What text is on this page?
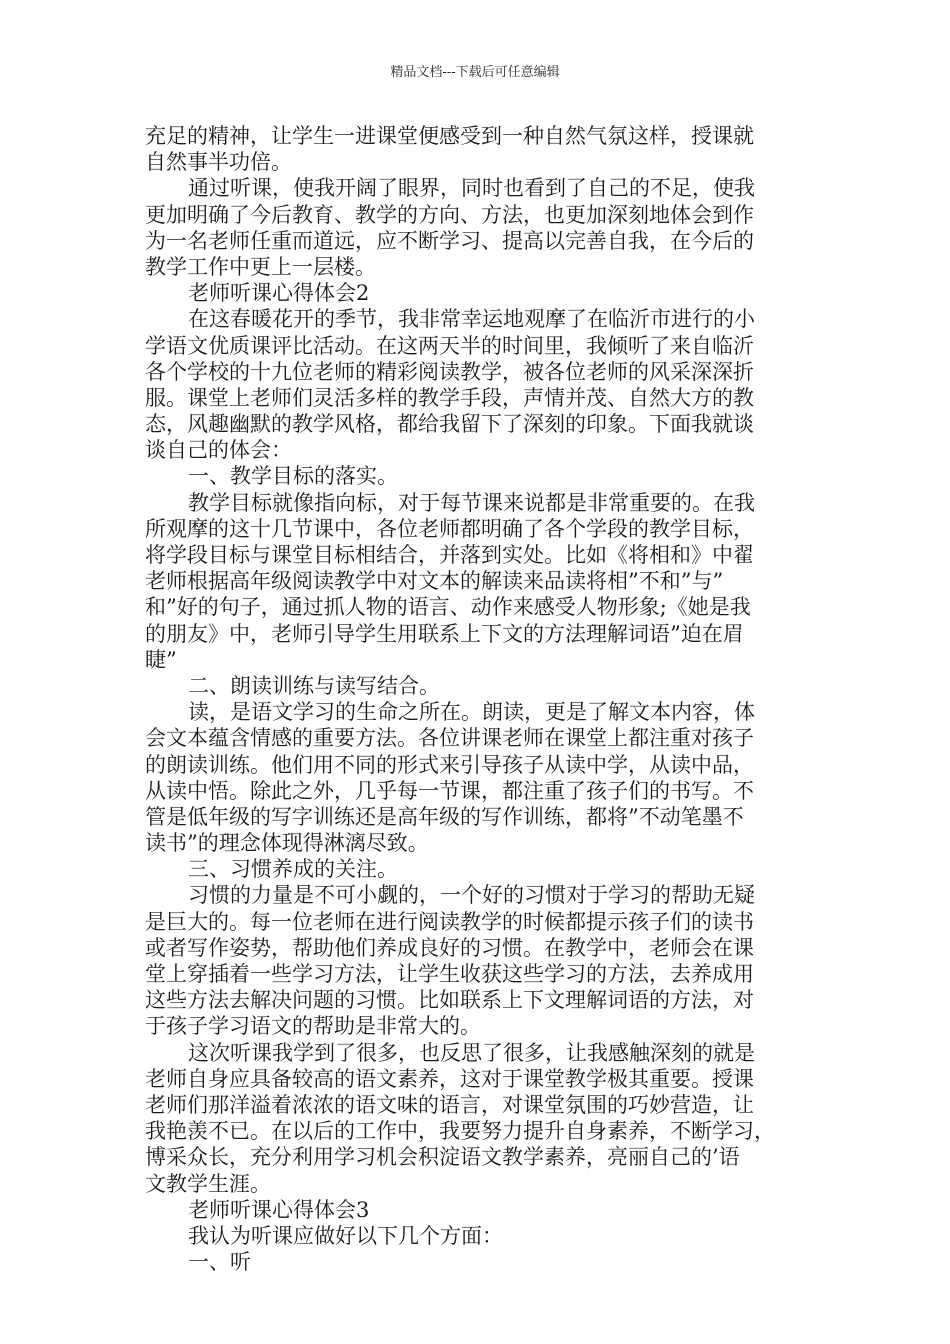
精品文档---下载后可任意编辑
充足的精神，让学生一进课堂便感受到一种自然气氛这样，授课就
自然事半功倍。
通过听课，使我开阔了眼界，同时也看到了自己的不足，使我
更加明确了今后教育、教学的方向、方法，也更加深刻地体会到作
为一名老师任重而道远，应不断学习、提高以完善自我，在今后的
教学工作中更上一层楼。
老师听课心得体会2
在这春暖花开的季节，我非常幸运地观摩了在临沂市进行的小
学语文优质课评比活动。在这两天半的时间里，我倾听了来自临沂
各个学校的十九位老师的精彩阅读教学，被各位老师的风采深深折
服。课堂上老师们灵活多样的教学手段，声情并茂、自然大方的教
态，风趣幽默的教学风格，都给我留下了深刻的印象。下面我就谈
谈自己的体会：
一、教学目标的落实。
教学目标就像指向标，对于每节课来说都是非常重要的。在我
所观摩的这十几节课中，各位老师都明确了各个学段的教学目标，
将学段目标与课堂目标相结合，并落到实处。比如《将相和》中翟
老师根据高年级阅读教学中对文本的解读来品读将相”不和”与”
和”好的句子，通过抓人物的语言、动作来感受人物形象;《她是我
的朋友》中，老师引导学生用联系上下文的方法理解词语”迫在眉
睫”
二、朗读训练与读写结合。
读，是语文学习的生命之所在。朗读，更是了解文本内容，体
会文本蕴含情感的重要方法。各位讲课老师在课堂上都注重对孩子
的朗读训练。他们用不同的形式来引导孩子从读中学，从读中品，
从读中悟。除此之外，几乎每一节课，都注重了孩子们的书写。不
管是低年级的写字训练还是高年级的写作训练，都将”不动笔墨不
读书”的理念体现得淋漓尽致。
三、习惯养成的关注。
习惯的力量是不可小觑的，一个好的习惯对于学习的帮助无疑
是巨大的。每一位老师在进行阅读教学的时候都提示孩子们的读书
或者写作姿势，帮助他们养成良好的习惯。在教学中，老师会在课
堂上穿插着一些学习方法，让学生收获这些学习的方法，去养成用
这些方法去解决问题的习惯。比如联系上下文理解词语的方法，对
于孩子学习语文的帮助是非常大的。
这次听课我学到了很多，也反思了很多，让我感触深刻的就是
老师自身应具备较高的语文素养，这对于课堂教学极其重要。授课
老师们那洋溢着浓浓的语文味的语言，对课堂氛围的巧妙营造，让
我艳羡不已。在以后的工作中，我要努力提升自身素养，不断学习，
博采众长，充分利用学习机会积淀语文教学素养，亮丽自己的’语
文教学生涯。
老师听课心得体会3
我认为听课应做好以下几个方面：
一、听
